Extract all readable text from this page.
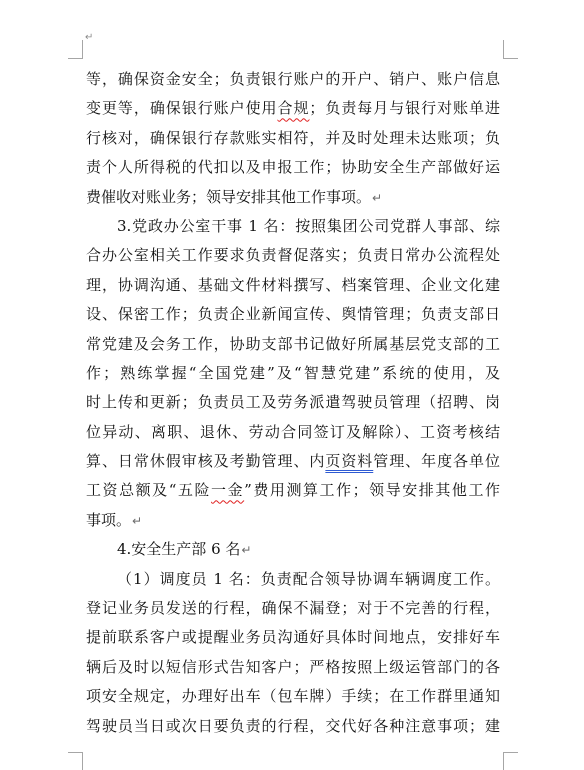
↵
等，确保资金安全；负责银行账户的开户、销户、账户信息
变更等，确保银行账户使用合规；负责每月与银行对账单进
行核对，确保银行存款账实相符，并及时处理未达账项；负
责个人所得税的代扣以及申报工作；协助安全生产部做好运
费催收对账业务；领导安排其他工作事项。↵
3.党政办公室干事 1 名：按照集团公司党群人事部、综
合办公室相关工作要求负责督促落实；负责日常办公流程处
理，协调沟通、基础文件材料撰写、档案管理、企业文化建
设、保密工作；负责企业新闻宣传、舆情管理；负责支部日
常党建及会务工作，协助支部书记做好所属基层党支部的工
作；熟练掌握“全国党建”及“智慧党建”系统的使用，及
时上传和更新；负责员工及劳务派遣驾驶员管理（招聘、岗
位异动、离职、退休、劳动合同签订及解除）、工资考核结
算、日常休假审核及考勤管理、内页资料管理、年度各单位
工资总额及“五险一金”费用测算工作；领导安排其他工作
事项。↵
4.安全生产部 6 名↵
（1）调度员 1 名：负责配合领导协调车辆调度工作。
登记业务员发送的行程，确保不漏登；对于不完善的行程，
提前联系客户或提醒业务员沟通好具体时间地点，安排好车
辆后及时以短信形式告知客户；严格按照上级运管部门的各
项安全规定，办理好出车（包车牌）手续；在工作群里通知
驾驶员当日或次日要负责的行程，交代好各种注意事项；建
